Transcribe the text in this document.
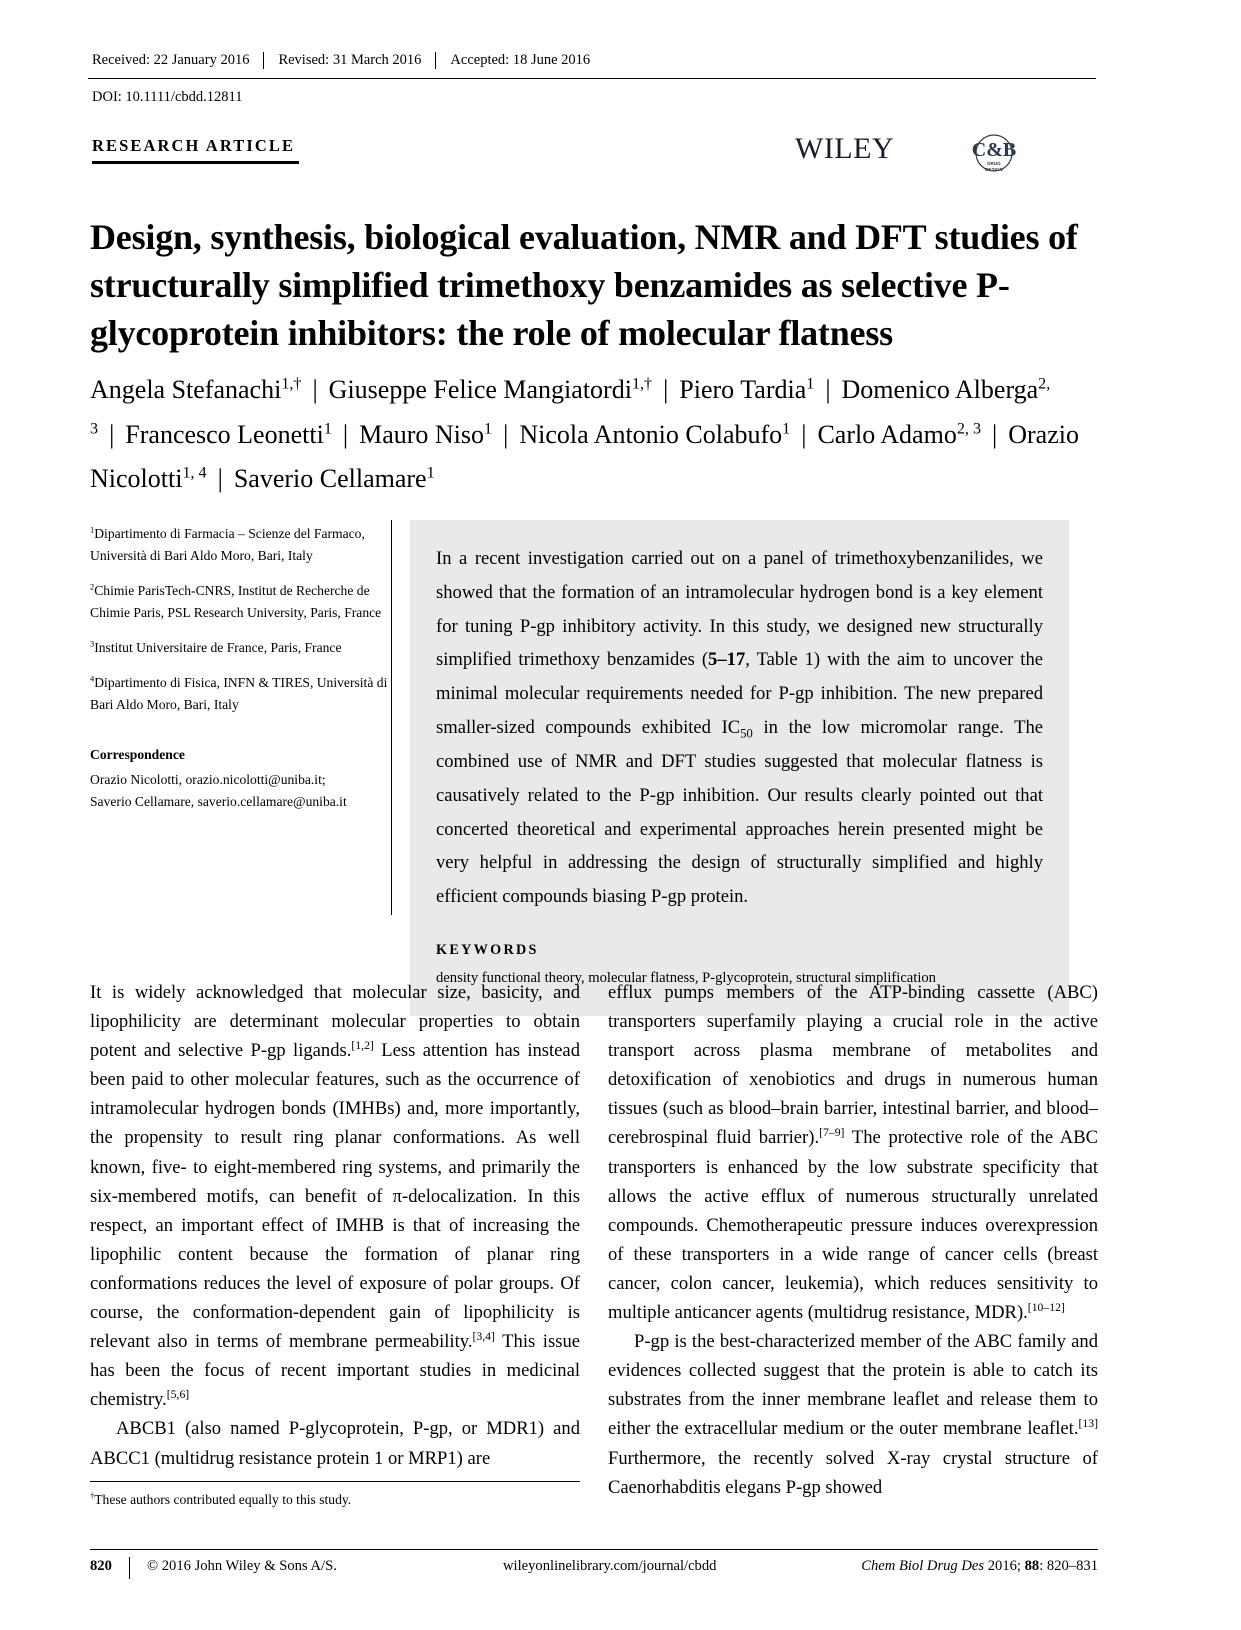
Received: 22 January 2016	Revised: 31 March 2016	Accepted: 18 June 2016
DOI: 10.1111/cbdd.12811
RESEARCH ARTICLE	WILEY	C&B
DRUG
DESIGN
Design, synthesis, biological evaluation, NMR and DFT studies of structurally simplified trimethoxy benzamides as selective P-glycoprotein inhibitors: the role of molecular flatness
Angela Stefanachi$^{1,\dagger}$ | Giuseppe Felice Mangiatordi$^{1,\dagger}$ | Piero Tardia$^1$ | Domenico Alberga$^{2, 3}$ | Francesco Leonetti$^1$ | Mauro Niso$^1$ | Nicola Antonio Colabufo$^1$ | Carlo Adamo$^{2, 3}$ | Orazio Nicolotti$^{1, 4}$ | Saverio Cellamare$^1$
$^1$Dipartimento di Farmacia – Scienze del Farmaco, Università di Bari Aldo Moro, Bari, Italy
$^2$Chimie ParisTech-CNRS, Institut de Recherche de Chimie Paris, PSL Research University, Paris, France
$^3$Institut Universitaire de France, Paris, France
$^4$Dipartimento di Fisica, INFN & TIRES, Università di Bari Aldo Moro, Bari, Italy
Correspondence
Orazio Nicolotti, orazio.nicolotti@uniba.it;
Saverio Cellamare, saverio.cellamare@uniba.it

In a recent investigation carried out on a panel of trimethoxybenzanilides, we showed that the formation of an intramolecular hydrogen bond is a key element for tuning P-gp inhibitory activity. In this study, we designed new structurally simplified trimethoxy benzamides (5–17, Table 1) with the aim to uncover the minimal molecular requirements needed for P-gp inhibition. The new prepared smaller-sized compounds exhibited $IC_{50}$ in the low micromolar range. The combined use of NMR and DFT studies suggested that molecular flatness is causatively related to the P-gp inhibition. Our results clearly pointed out that concerted theoretical and experimental approaches herein presented might be very helpful in addressing the design of structurally simplified and highly efficient compounds biasing P-gp protein.

KEYWORDS
density functional theory, molecular flatness, P-glycoprotein, structural simplification

It is widely acknowledged that molecular size, basicity, and lipophilicity are determinant molecular properties to obtain potent and selective P-gp ligands.[1,2] Less attention has instead been paid to other molecular features, such as the occurrence of intramolecular hydrogen bonds (IMHBs) and, more importantly, the propensity to result ring planar conformations. As well known, five- to eight-membered ring systems, and primarily the six-membered motifs, can benefit of π-delocalization. In this respect, an important effect of IMHB is that of increasing the lipophilic content because the formation of planar ring conformations reduces the level of exposure of polar groups. Of course, the conformation-dependent gain of lipophilicity is relevant also in terms of membrane permeability.[3,4] This issue has been the focus of recent important studies in medicinal chemistry.[5,6]

ABCB1 (also named P-glycoprotein, P-gp, or MDR1) and ABCC1 (multidrug resistance protein 1 or MRP1) are

efflux pumps members of the ATP-binding cassette (ABC) transporters superfamily playing a crucial role in the active transport across plasma membrane of metabolites and detoxification of xenobiotics and drugs in numerous human tissues (such as blood–brain barrier, intestinal barrier, and blood–cerebrospinal fluid barrier).[7–9] The protective role of the ABC transporters is enhanced by the low substrate specificity that allows the active efflux of numerous structurally unrelated compounds. Chemotherapeutic pressure induces overexpression of these transporters in a wide range of cancer cells (breast cancer, colon cancer, leukemia), which reduces sensitivity to multiple anticancer agents (multidrug resistance, MDR).[10–12]

P-gp is the best-characterized member of the ABC family and evidences collected suggest that the protein is able to catch its substrates from the inner membrane leaflet and release them to either the extracellular medium or the outer membrane leaflet.[13] Furthermore, the recently solved X-ray crystal structure of Caenorhabditis elegans P-gp showed

†These authors contributed equally to this study.
820 © 2016 John Wiley & Sons A/S.	wileyonlinelibrary.com/journal/cbdd	Chem Biol Drug Des 2016; 88: 820–831
